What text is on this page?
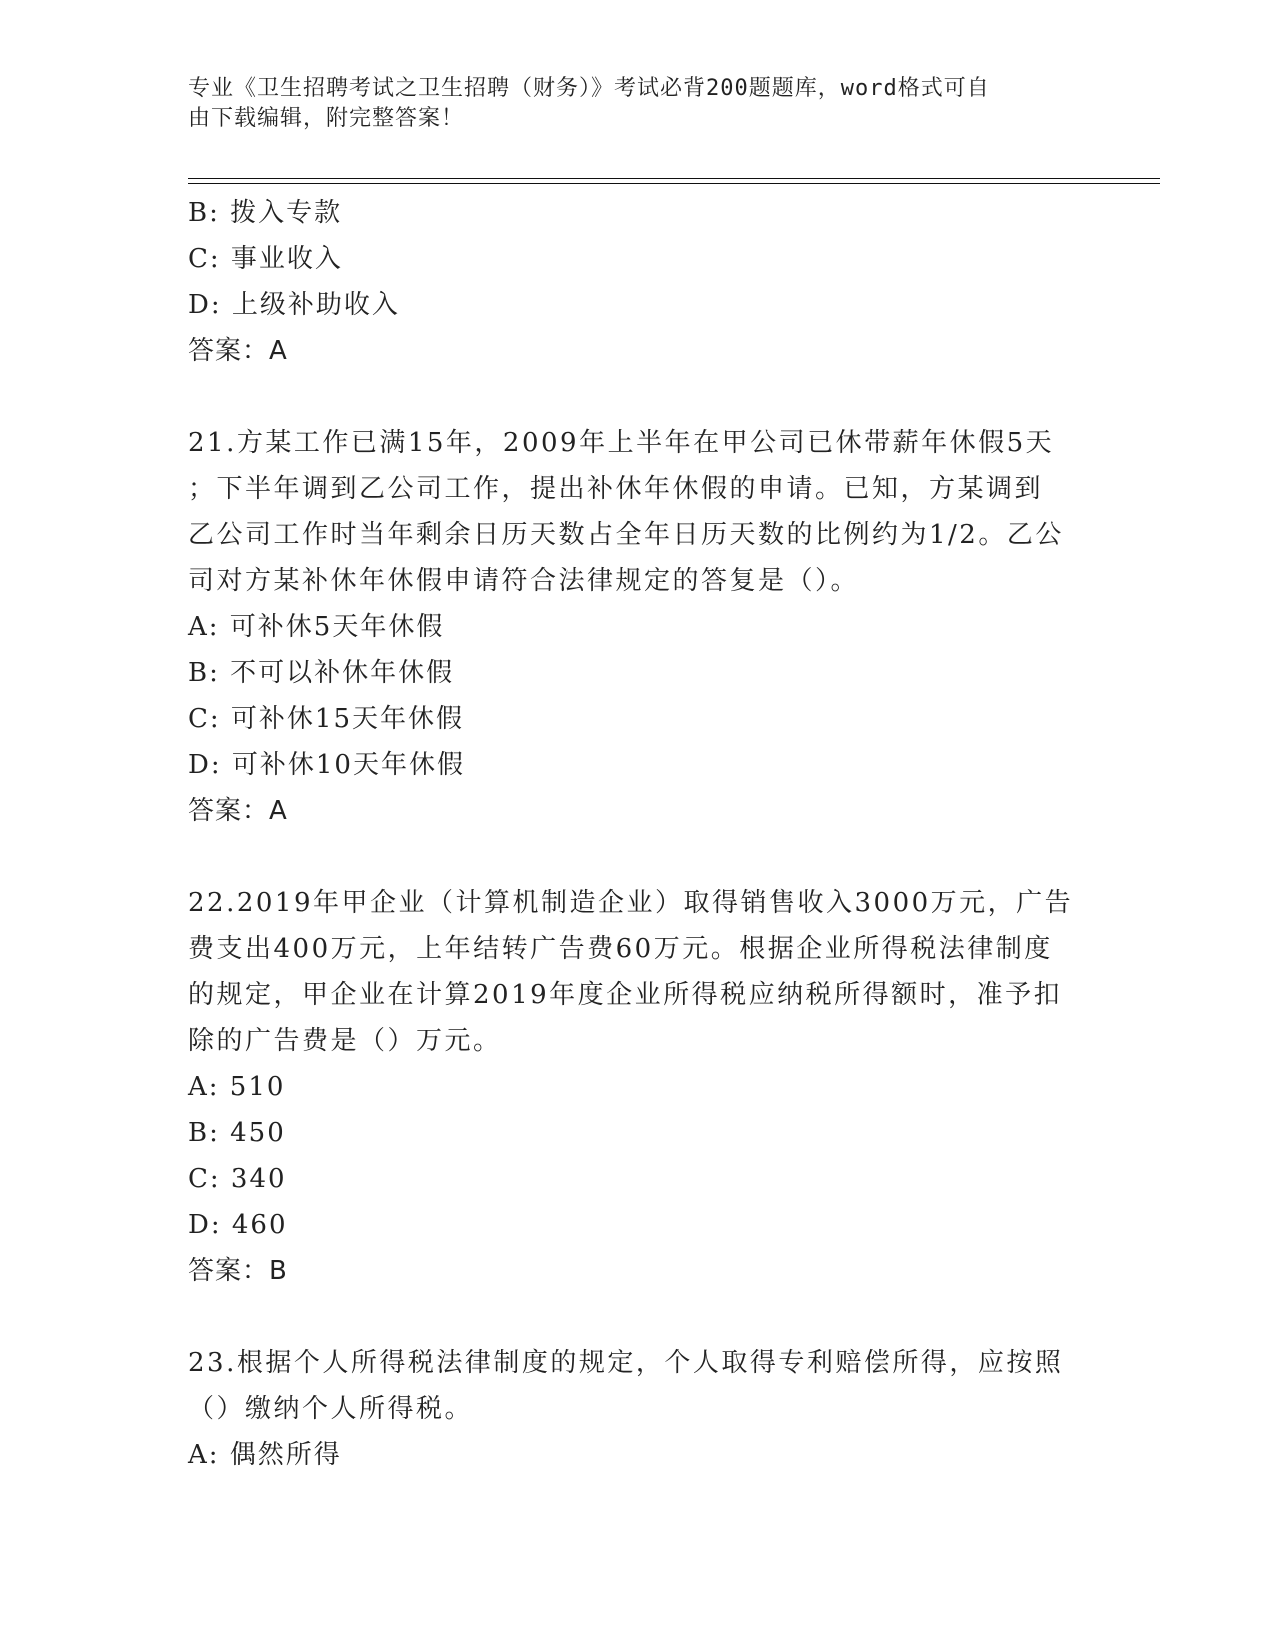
专业《卫生招聘考试之卫生招聘（财务）》考试必背200题题库，word格式可自
由下载编辑，附完整答案！
B: 拨入专款
C: 事业收入
D: 上级补助收入
答案：A
21.方某工作已满15年，2009年上半年在甲公司已休带薪年休假5天
；下半年调到乙公司工作，提出补休年休假的申请。已知，方某调到
乙公司工作时当年剩余日历天数占全年日历天数的比例约为1/2。乙公
司对方某补休年休假申请符合法律规定的答复是（）。
A: 可补休5天年休假
B: 不可以补休年休假
C: 可补休15天年休假
D: 可补休10天年休假
答案：A
22.2019年甲企业（计算机制造企业）取得销售收入3000万元，广告
费支出400万元，上年结转广告费60万元。根据企业所得税法律制度
的规定，甲企业在计算2019年度企业所得税应纳税所得额时，准予扣
除的广告费是（）万元。
A: 510
B: 450
C: 340
D: 460
答案：B
23.根据个人所得税法律制度的规定，个人取得专利赔偿所得，应按照
（）缴纳个人所得税。
A: 偶然所得
